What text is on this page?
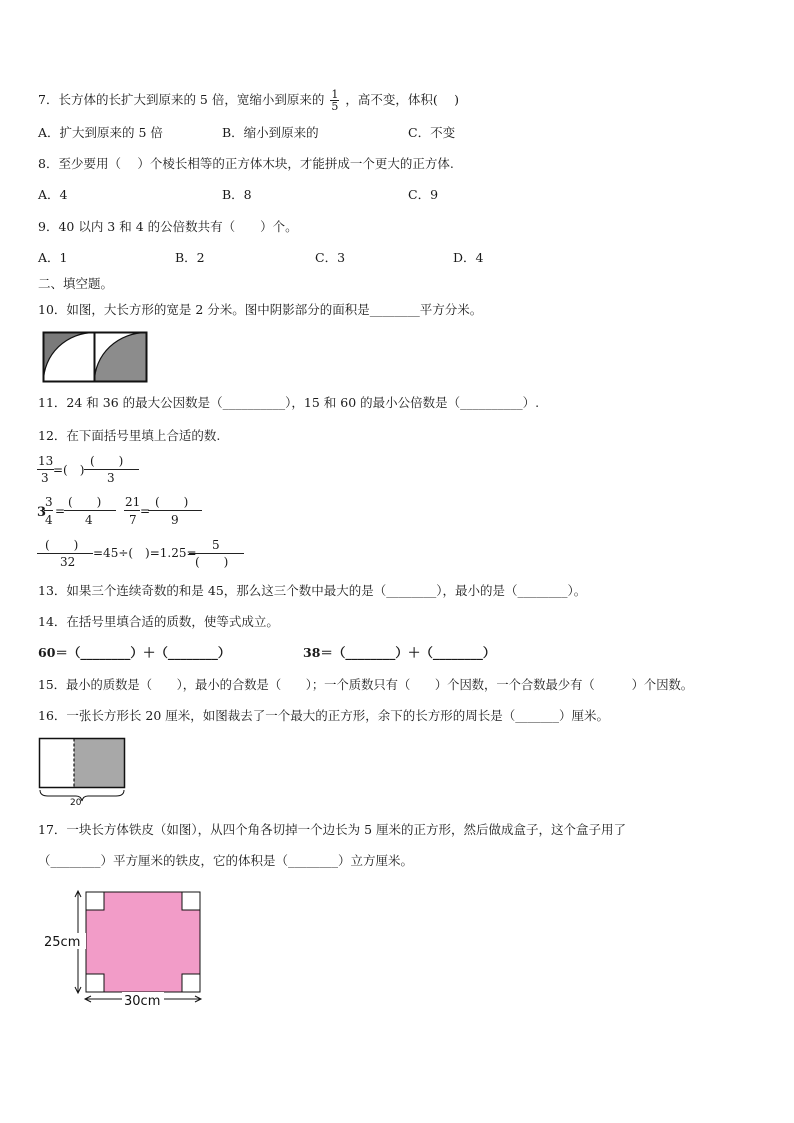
7．长方体的长扩大到原来的 5 倍，宽缩小到原来的 $\frac{1}{5}$ ，高不变，体积(　 )
A．扩大到原来的 5 倍	B．缩小到原来的	C．不变
8．至少要用（　 ）个棱长相等的正方体木块，才能拼成一个更大的正方体.
A．4	B．8	C．9
9．40 以内 3 和 4 的公倍数共有（　　）个。
A．1	B．2	C．3	D．4
二、填空题。
10．如图，大长方形的宽是 2 分米。图中阴影部分的面积是________平方分米。
11．24 和 36 的最大公因数是（__________），15 和 60 的最小公倍数是（__________）.
12．在下面括号里填上合适的数.
13
3
=(　)
(　　)
3
3
3
4
=
(　　)
4
21
7
=
(　　)
9
(　　)
32
=45÷(　)=1.25=
5
(　　)
13．如果三个连续奇数的和是 45，那么这三个数中最大的是（________），最小的是（________）。
14．在括号里填合适的质数，使等式成立。
60＝（________）＋（________）	38＝（________）＋（________）
15．最小的质数是（　　），最小的合数是（　　）；一个质数只有（　　）个因数，一个合数最少有（　　　）个因数。
16．一张长方形长 20 厘米，如图裁去了一个最大的正方形，余下的长方形的周长是（_______）厘米。
20
17．一块长方体铁皮（如图），从四个角各切掉一个边长为 5 厘米的正方形，然后做成盒子，这个盒子用了
（________）平方厘米的铁皮，它的体积是（________）立方厘米。
25cm
30cm
